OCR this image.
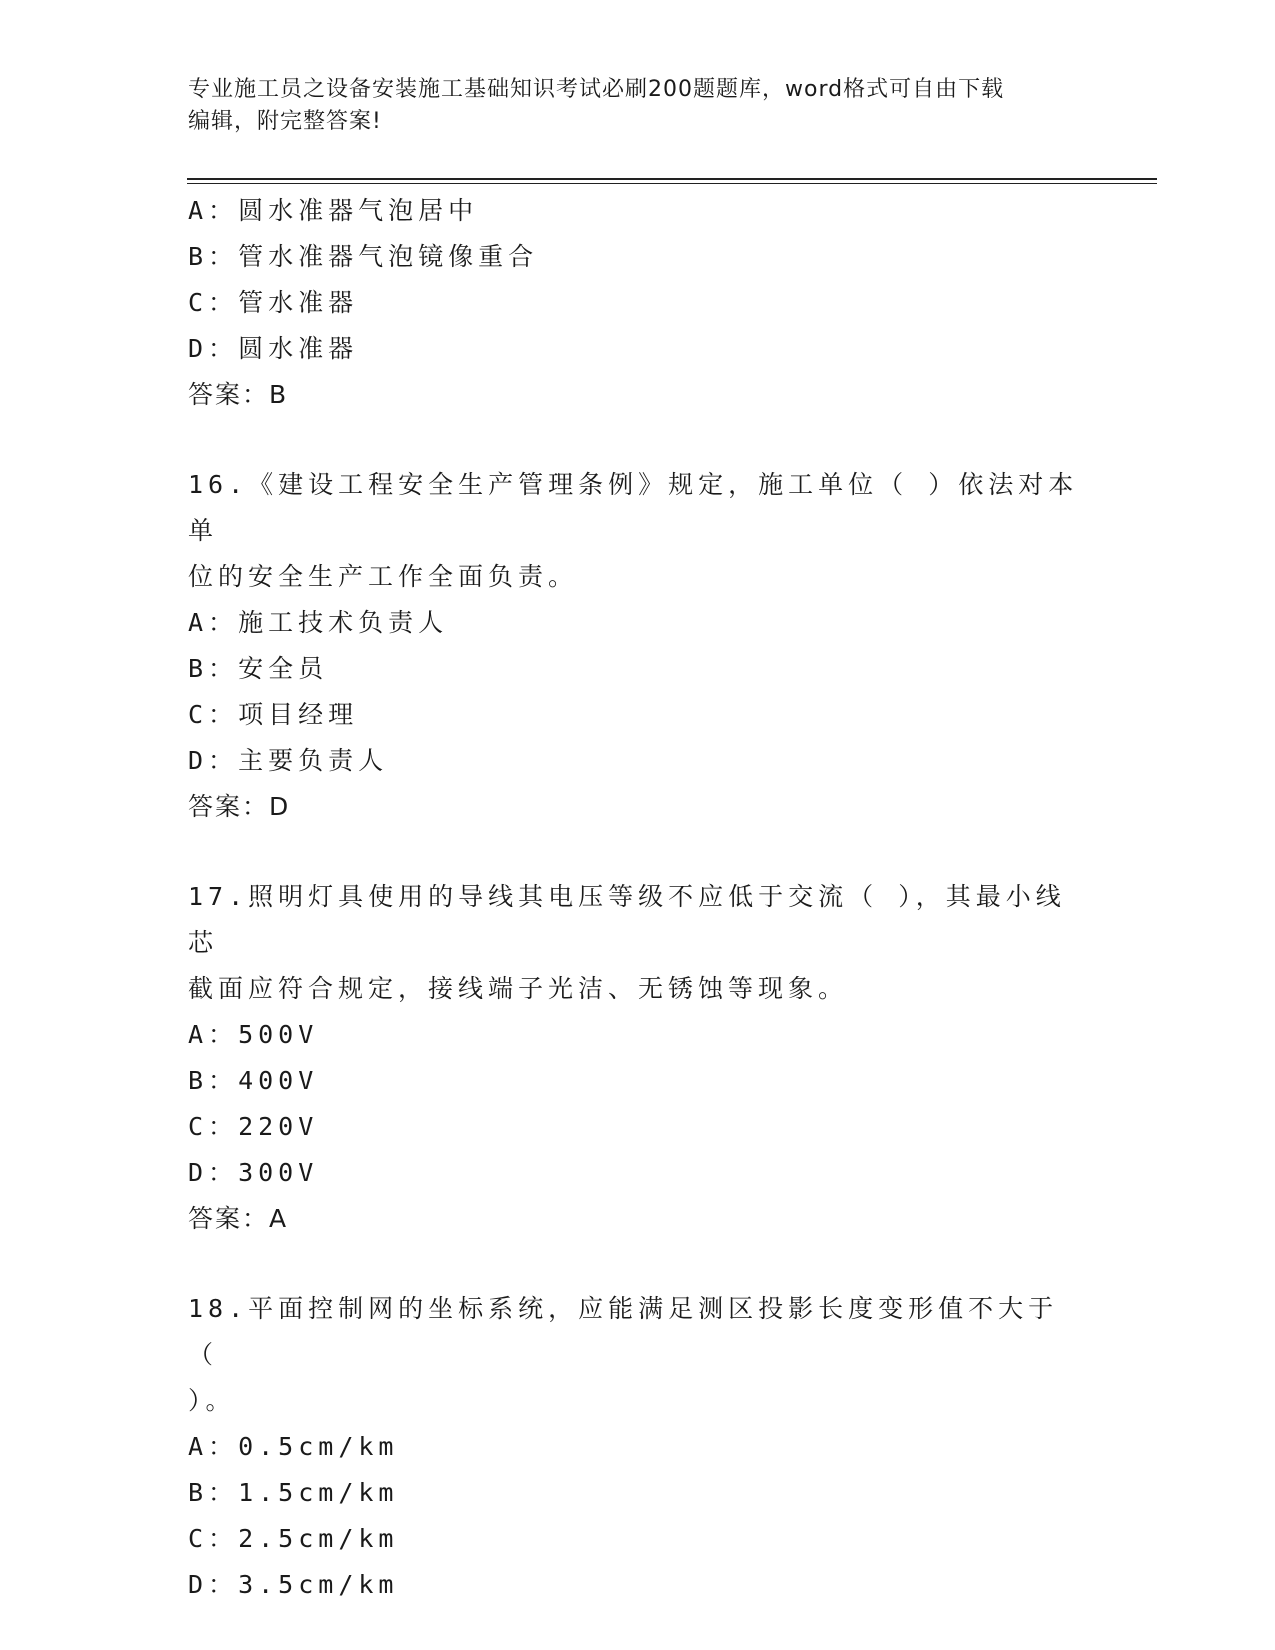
专业施工员之设备安装施工基础知识考试必刷200题题库，word格式可自由下载
编辑，附完整答案!
A：圆水准器气泡居中
B：管水准器气泡镜像重合
C：管水准器
D：圆水准器
答案：B
16.《建设工程安全生产管理条例》规定，施工单位（ ）依法对本单
位的安全生产工作全面负责。
A：施工技术负责人
B：安全员
C：项目经理
D：主要负责人
答案：D
17.照明灯具使用的导线其电压等级不应低于交流（ ），其最小线芯
截面应符合规定，接线端子光洁、无锈蚀等现象。
A：500V
B：400V
C：220V
D：300V
答案：A
18.平面控制网的坐标系统，应能满足测区投影长度变形值不大于（
）。
A：0.5cm/km
B：1.5cm/km
C：2.5cm/km
D：3.5cm/km
